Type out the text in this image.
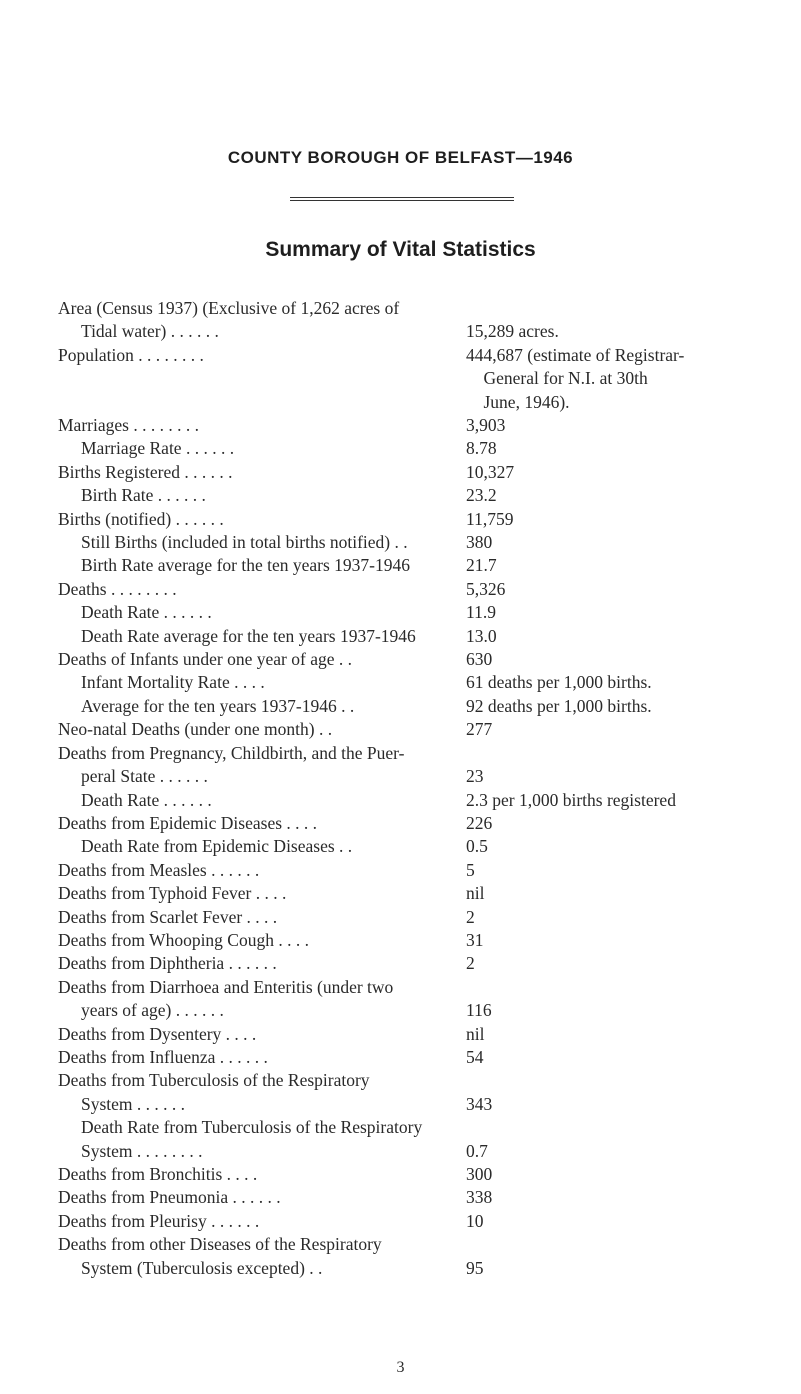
COUNTY BOROUGH OF BELFAST—1946
Summary of Vital Statistics
Area (Census 1937) (Exclusive of 1,262 acres of
Tidal water) . . . . . .	15,289 acres.
Population . . . . . . . .	444,687 (estimate of Registrar-
General for N.I. at 30th
June, 1946).
Marriages . . . . . . . .	3,903
Marriage Rate . . . . . .	8.78
Births Registered . . . . . .	10,327
Birth Rate . . . . . .	23.2
Births (notified) . . . . . .	11,759
Still Births (included in total births notified) . .	380
Birth Rate average for the ten years 1937-1946	21.7
Deaths . . . . . . . .	5,326
Death Rate . . . . . .	11.9
Death Rate average for the ten years 1937-1946	13.0
Deaths of Infants under one year of age . .	630
Infant Mortality Rate . . . .	61 deaths per 1,000 births.
Average for the ten years 1937-1946 . .	92 deaths per 1,000 births.
Neo-natal Deaths (under one month) . .	277
Deaths from Pregnancy, Childbirth, and the Puer-
peral State . . . . . .	23
Death Rate . . . . . .	2.3 per 1,000 births registered
Deaths from Epidemic Diseases . . . .	226
Death Rate from Epidemic Diseases . .	0.5
Deaths from Measles . . . . . .	5
Deaths from Typhoid Fever . . . .	nil
Deaths from Scarlet Fever . . . .	2
Deaths from Whooping Cough . . . .	31
Deaths from Diphtheria . . . . . .	2
Deaths from Diarrhoea and Enteritis (under two
years of age) . . . . . .	116
Deaths from Dysentery . . . .	nil
Deaths from Influenza . . . . . .	54
Deaths from Tuberculosis of the Respiratory
System . . . . . .	343
Death Rate from Tuberculosis of the Respiratory
System . . . . . . . .	0.7
Deaths from Bronchitis . . . .	300
Deaths from Pneumonia . . . . . .	338
Deaths from Pleurisy . . . . . .	10
Deaths from other Diseases of the Respiratory
System (Tuberculosis excepted) . .	95
3
